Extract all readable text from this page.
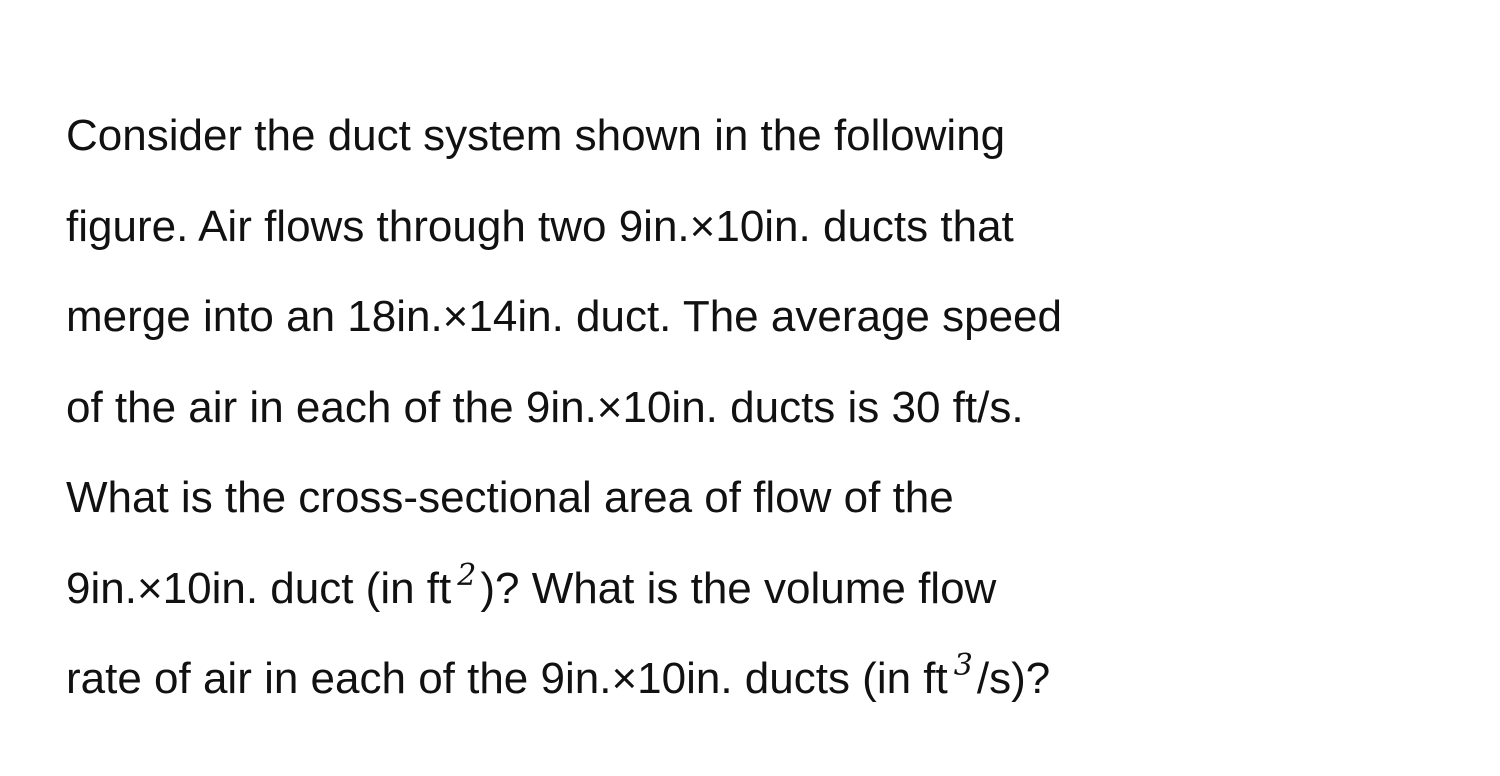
Consider the duct system shown in the following
figure. Air flows through two 9in.×10in. ducts that
merge into an 18in.×14in. duct. The average speed
of the air in each of the 9in.×10in. ducts is 30 ft/s.
What is the cross-sectional area of flow of the
9in.×10in. duct (in ft $^2$)? What is the volume flow
rate of air in each of the 9in.×10in. ducts (in ft $^3$/s)?
